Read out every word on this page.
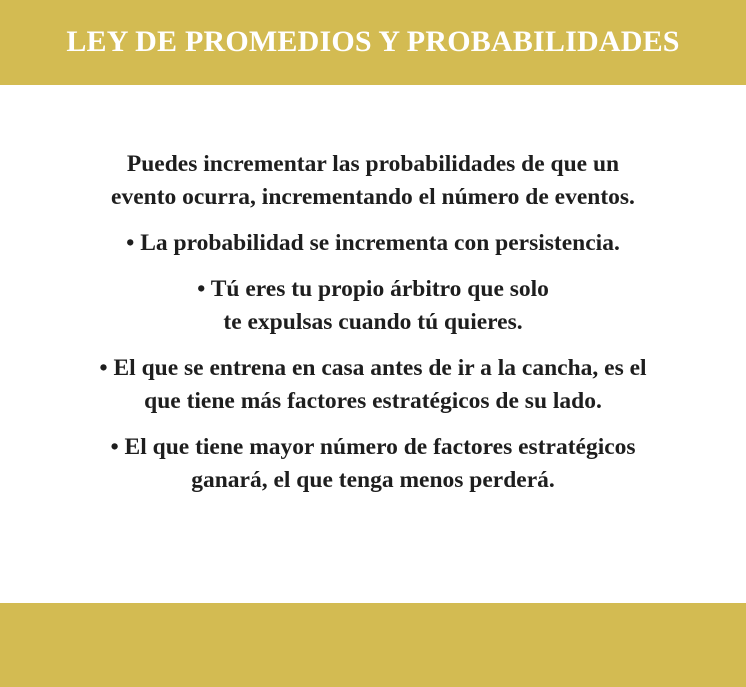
LEY DE PROMEDIOS Y PROBABILIDADES

Puedes incrementar las probabilidades de que un
evento ocurra, incrementando el número de eventos.

• La probabilidad se incrementa con persistencia.

• Tú eres tu propio árbitro que solo
te expulsas cuando tú quieres.

• El que se entrena en casa antes de ir a la cancha, es el
que tiene más factores estratégicos de su lado.

• El que tiene mayor número de factores estratégicos
ganará, el que tenga menos perderá.
